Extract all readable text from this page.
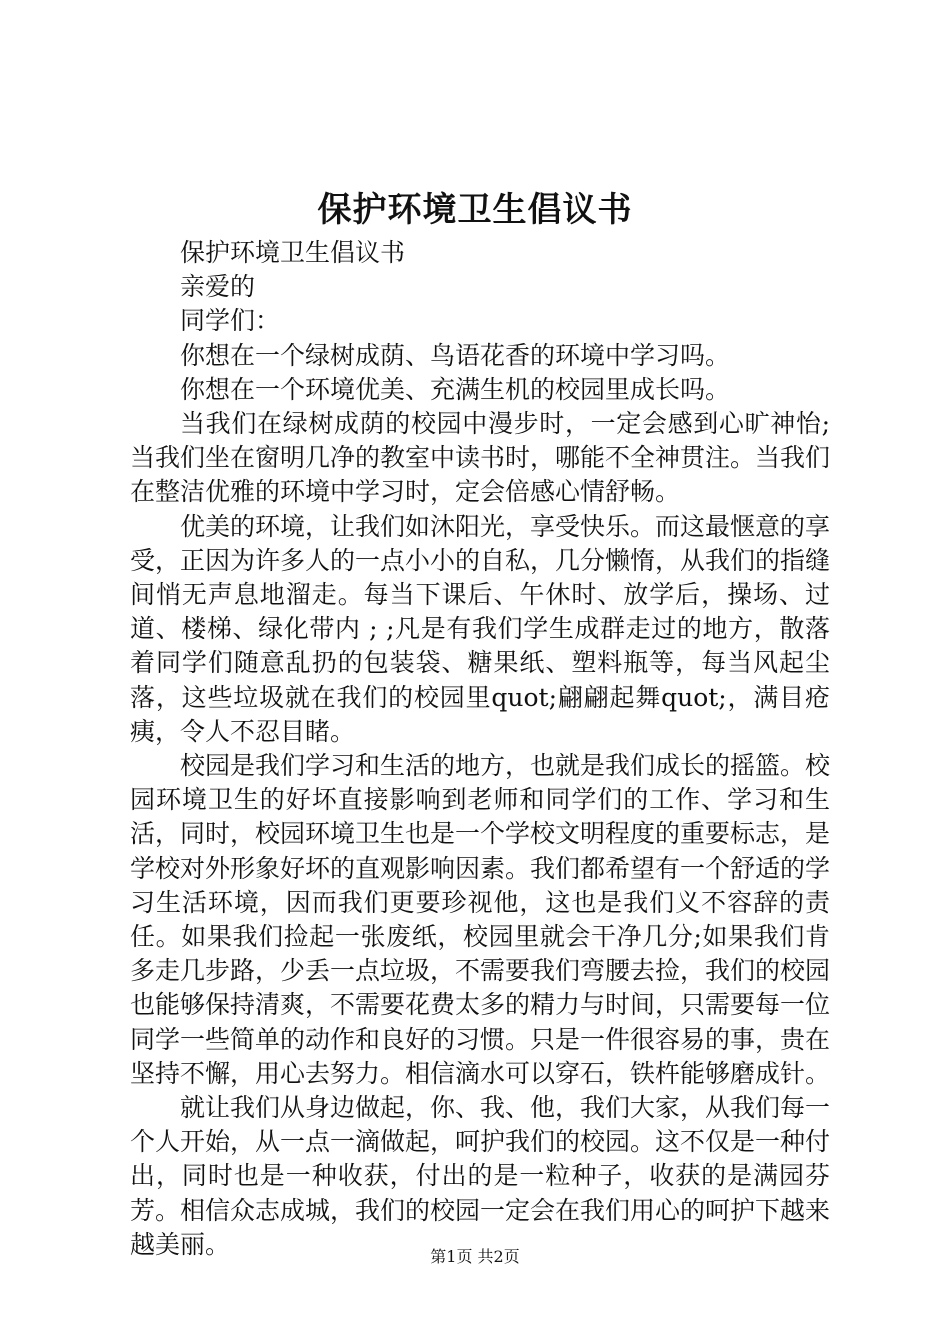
保护环境卫生倡议书

保护环境卫生倡议书

亲爱的

同学们：

你想在一个绿树成荫、鸟语花香的环境中学习吗。

你想在一个环境优美、充满生机的校园里成长吗。

当我们在绿树成荫的校园中漫步时，一定会感到心旷神怡;当我们坐在窗明几净的教室中读书时，哪能不全神贯注。当我们在整洁优雅的环境中学习时，定会倍感心情舒畅。

优美的环境，让我们如沐阳光，享受快乐。而这最惬意的享受，正因为许多人的一点小小的自私，几分懒惰，从我们的指缝间悄无声息地溜走。每当下课后、午休时、放学后，操场、过道、楼梯、绿化带内 ; ;凡是有我们学生成群走过的地方，散落着同学们随意乱扔的包装袋、糖果纸、塑料瓶等，每当风起尘落，这些垃圾就在我们的校园里quot;翩翩起舞quot;，满目疮痍，令人不忍目睹。

校园是我们学习和生活的地方，也就是我们成长的摇篮。校园环境卫生的好坏直接影响到老师和同学们的工作、学习和生活，同时，校园环境卫生也是一个学校文明程度的重要标志，是学校对外形象好坏的直观影响因素。我们都希望有一个舒适的学习生活环境，因而我们更要珍视他，这也是我们义不容辞的责任。如果我们捡起一张废纸，校园里就会干净几分;如果我们肯多走几步路，少丢一点垃圾，不需要我们弯腰去捡，我们的校园也能够保持清爽，不需要花费太多的精力与时间，只需要每一位同学一些简单的动作和良好的习惯。只是一件很容易的事，贵在坚持不懈，用心去努力。相信滴水可以穿石，铁杵能够磨成针。

就让我们从身边做起，你、我、他，我们大家，从我们每一个人开始，从一点一滴做起，呵护我们的校园。这不仅是一种付出，同时也是一种收获，付出的是一粒种子，收获的是满园芬芳。相信众志成城，我们的校园一定会在我们用心的呵护下越来越美丽。	第1页 共2页
